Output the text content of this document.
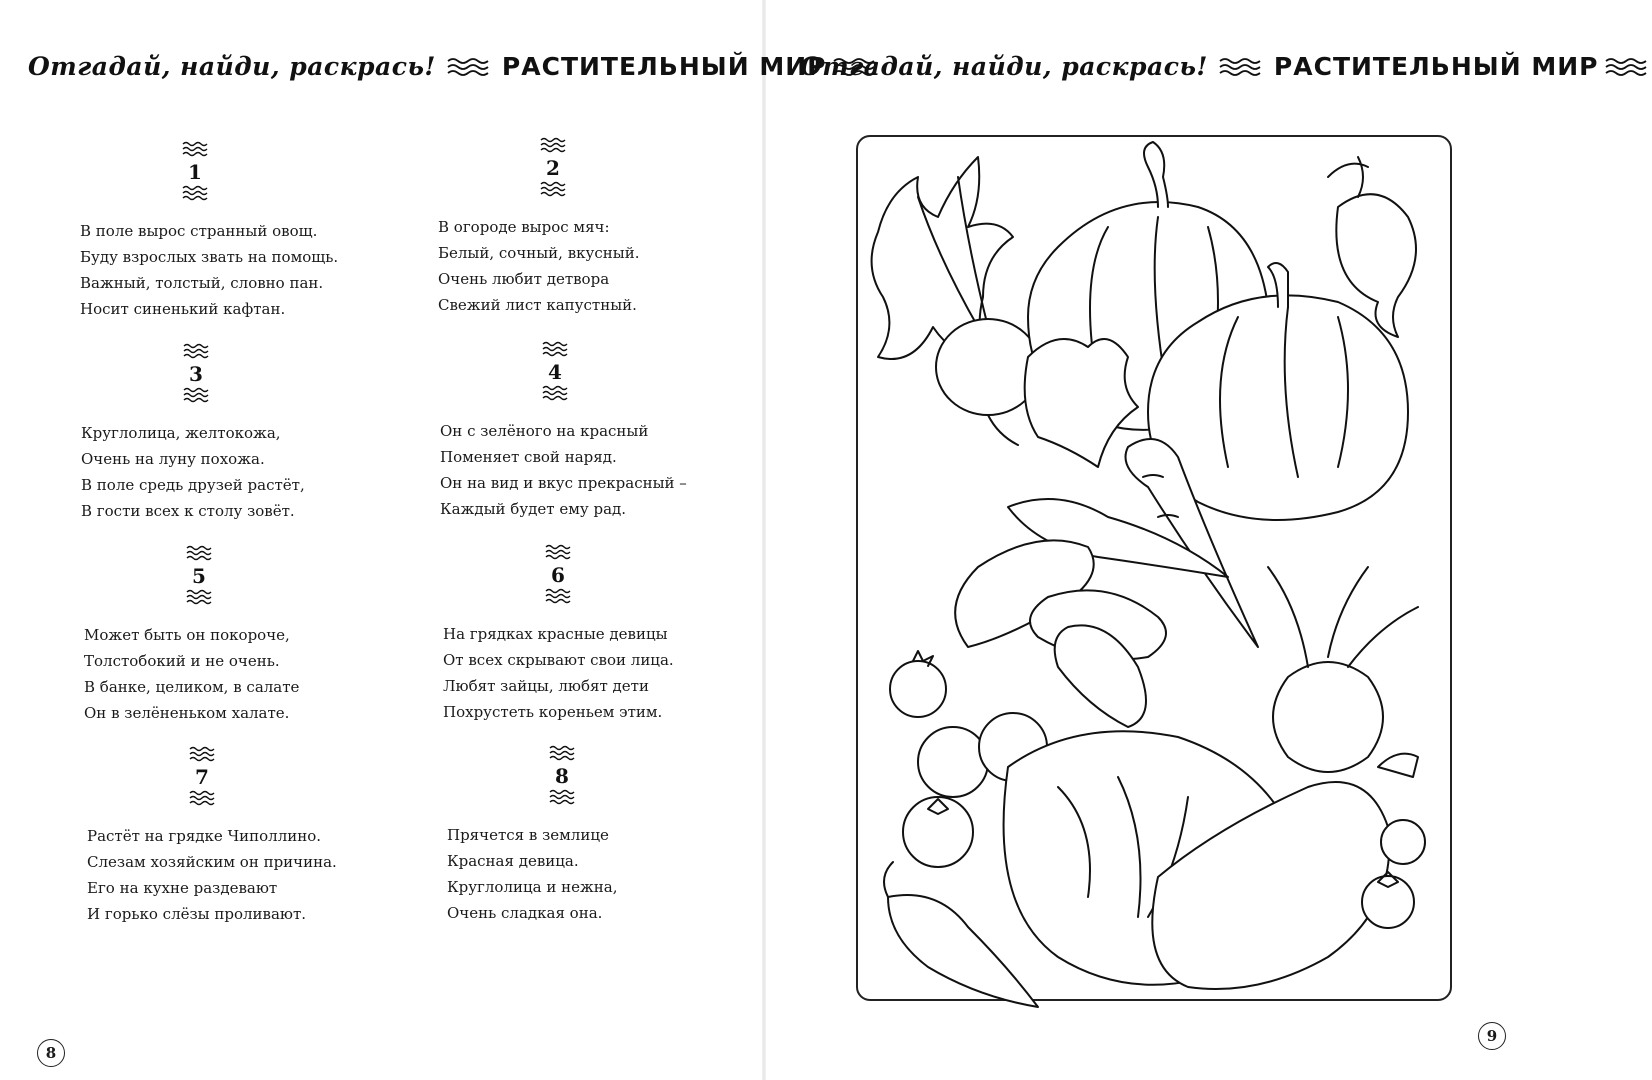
Отгадай, найди, раскрась!	РАСТИТЕЛЬНЫЙ МИР
1
В поле вырос странный овощ.
Буду взрослых звать на помощь.
Важный, толстый, словно пан.
Носит синенький кафтан.
2
В огороде вырос мяч:
Белый, сочный, вкусный.
Очень любит детвора
Свежий лист капустный.
3
Круглолица, желтокожа,
Очень на луну похожа.
В поле средь друзей растёт,
В гости всех к столу зовёт.
4
Он с зелёного на красный
Поменяет свой наряд.
Он на вид и вкус прекрасный –
Каждый будет ему рад.
5
Может быть он покороче,
Толстобокий и не очень.
В банке, целиком, в салате
Он в зелёненьком халате.
6
На грядках красные девицы
От всех скрывают свои лица.
Любят зайцы, любят дети
Похрустеть кореньем этим.
7
Растёт на грядке Чиполлино.
Слезам хозяйским он причина.
Его на кухне раздевают
И горько слёзы проливают.
8
Прячется в землице
Красная девица.
Круглолица и нежна,
Очень сладкая она.
8
Отгадай, найди, раскрась!	РАСТИТЕЛЬНЫЙ МИР
9
